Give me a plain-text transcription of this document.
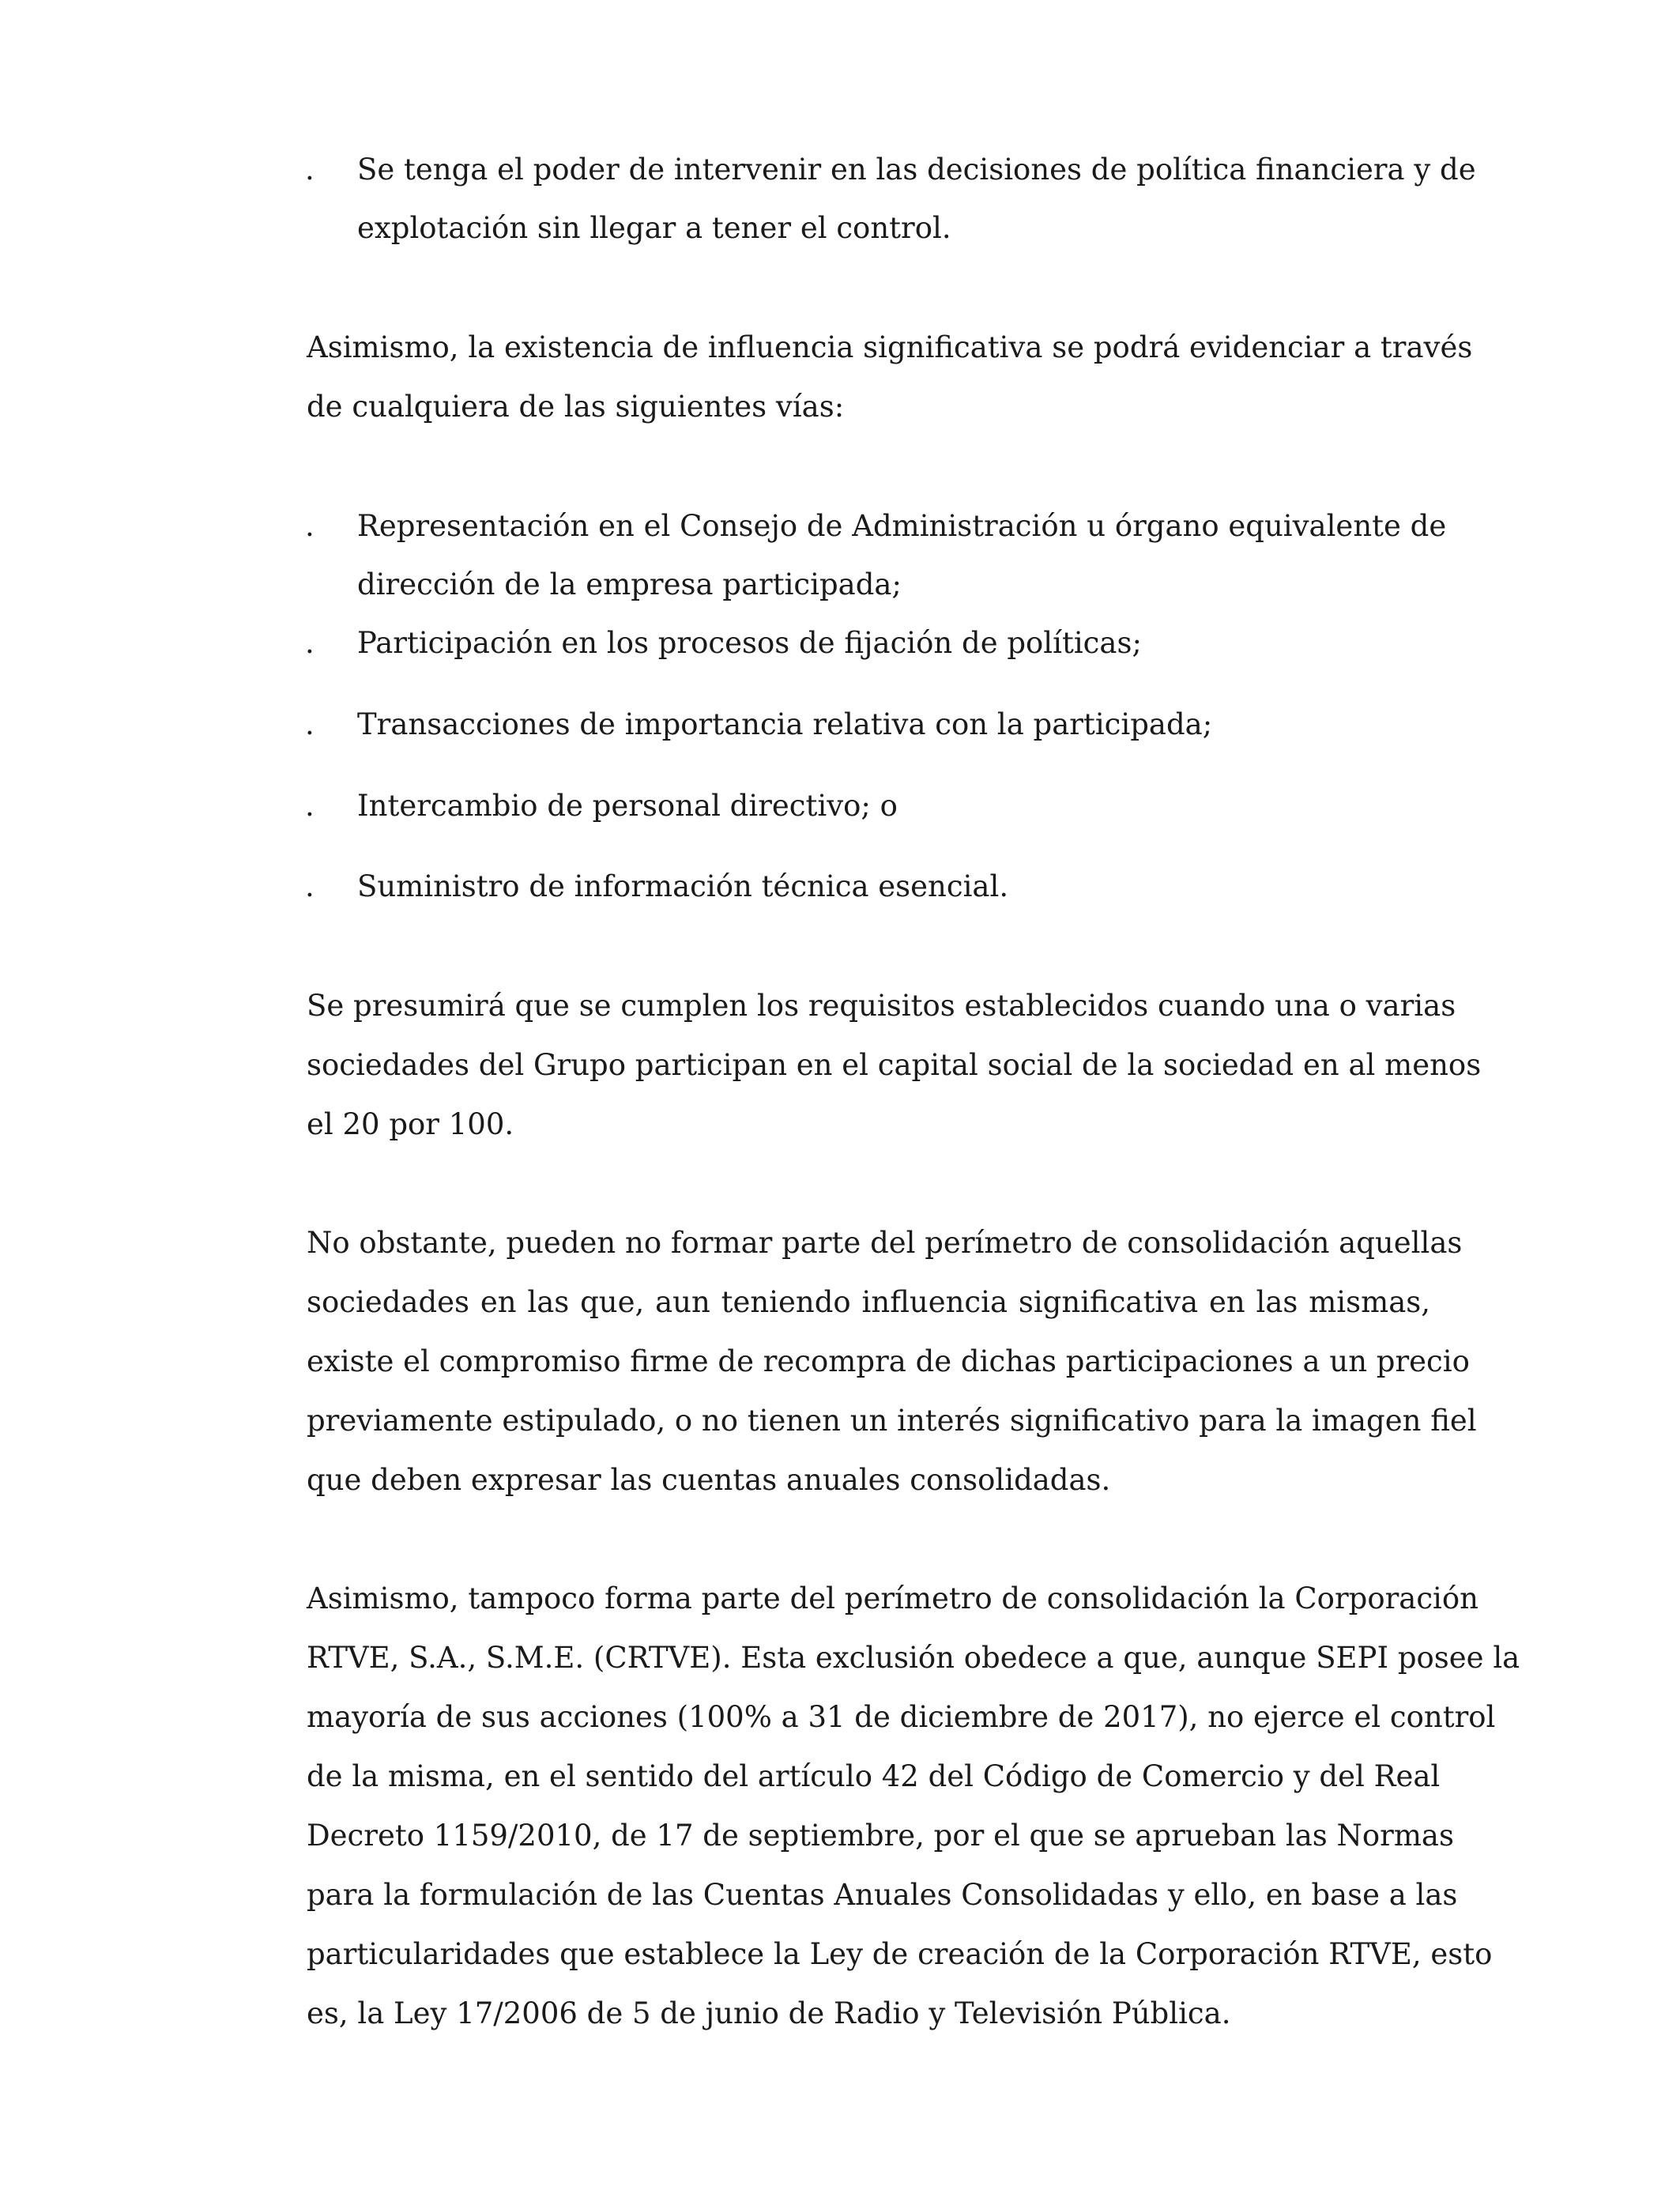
. Se tenga el poder de intervenir en las decisiones de política financiera y de
explotación sin llegar a tener el control.
Asimismo, la existencia de influencia significativa se podrá evidenciar a través
de cualquiera de las siguientes vías:
. Representación en el Consejo de Administración u órgano equivalente de
dirección de la empresa participada;
. Participación en los procesos de fijación de políticas;
. Transacciones de importancia relativa con la participada;
. Intercambio de personal directivo; o
. Suministro de información técnica esencial.
Se presumirá que se cumplen los requisitos establecidos cuando una o varias
sociedades del Grupo participan en el capital social de la sociedad en al menos
el 20 por 100.
No obstante, pueden no formar parte del perímetro de consolidación aquellas
sociedades en las que, aun teniendo influencia significativa en las mismas,
existe el compromiso firme de recompra de dichas participaciones a un precio
previamente estipulado, o no tienen un interés significativo para la imagen fiel
que deben expresar las cuentas anuales consolidadas.
Asimismo, tampoco forma parte del perímetro de consolidación la Corporación
RTVE, S.A., S.M.E. (CRTVE). Esta exclusión obedece a que, aunque SEPI posee la
mayoría de sus acciones (100% a 31 de diciembre de 2017), no ejerce el control
de la misma, en el sentido del artículo 42 del Código de Comercio y del Real
Decreto 1159/2010, de 17 de septiembre, por el que se aprueban las Normas
para la formulación de las Cuentas Anuales Consolidadas y ello, en base a las
particularidades que establece la Ley de creación de la Corporación RTVE, esto
es, la Ley 17/2006 de 5 de junio de Radio y Televisión Pública.
